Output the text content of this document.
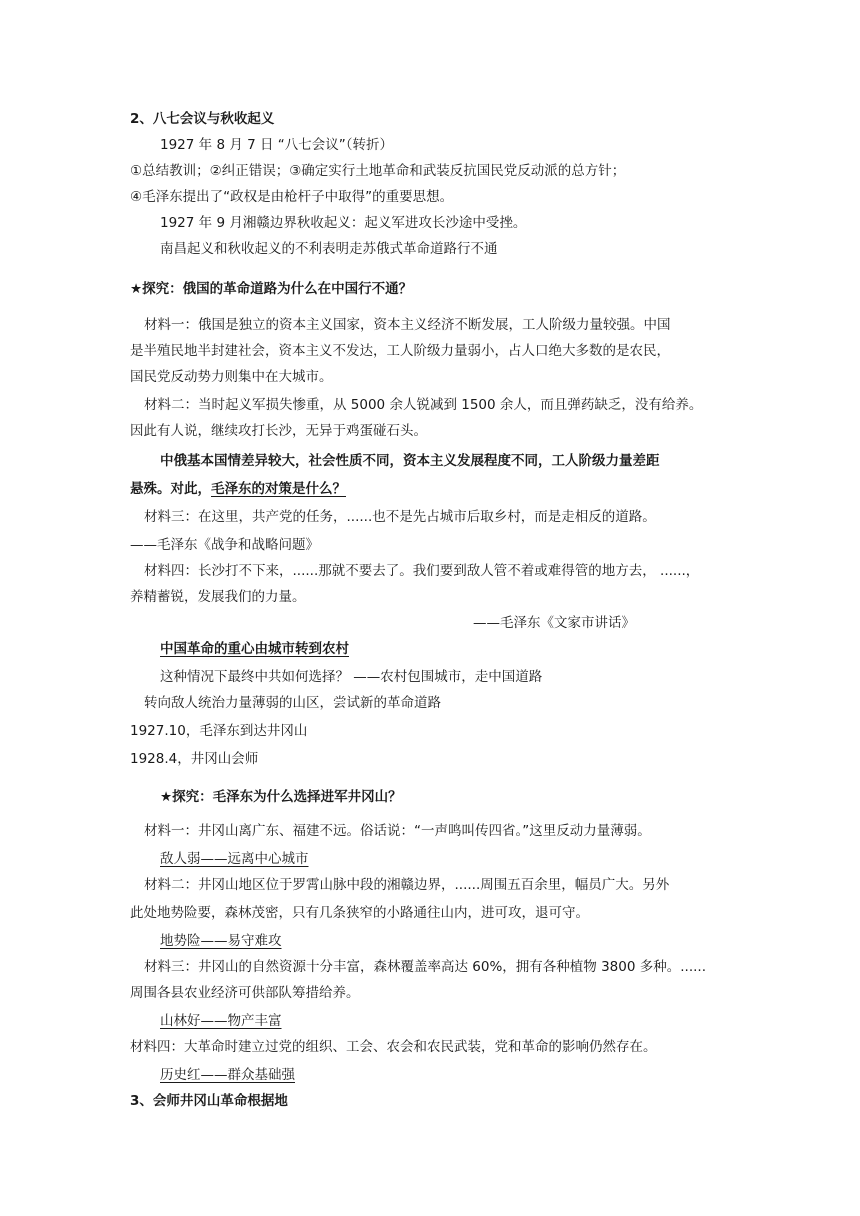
2、八七会议与秋收起义
1927 年 8 月 7 日 “八七会议”（转折）
①总结教训；②纠正错误；③确定实行土地革命和武装反抗国民党反动派的总方针；
④毛泽东提出了“政权是由枪杆子中取得”的重要思想。
1927 年 9 月湘赣边界秋收起义：起义军进攻长沙途中受挫。
南昌起义和秋收起义的不利表明走苏俄式革命道路行不通
★探究：俄国的革命道路为什么在中国行不通？
材料一：俄国是独立的资本主义国家，资本主义经济不断发展，工人阶级力量较强。中国
是半殖民地半封建社会，资本主义不发达，工人阶级力量弱小，占人口绝大多数的是农民，
国民党反动势力则集中在大城市。
材料二：当时起义军损失惨重，从 5000 余人锐减到 1500 余人，而且弹药缺乏，没有给养。
因此有人说，继续攻打长沙，无异于鸡蛋碰石头。
中俄基本国情差异较大，社会性质不同，资本主义发展程度不同，工人阶级力量差距
悬殊。对此，毛泽东的对策是什么？
材料三：在这里，共产党的任务，......也不是先占城市后取乡村，而是走相反的道路。
——毛泽东《战争和战略问题》
材料四：长沙打不下来，......那就不要去了。我们要到敌人管不着或难得管的地方去， ......，
养精蓄锐，发展我们的力量。
——毛泽东《文家市讲话》
中国革命的重心由城市转到农村
这种情况下最终中共如何选择？ ——农村包围城市，走中国道路
转向敌人统治力量薄弱的山区，尝试新的革命道路
1927.10，毛泽东到达井冈山
1928.4，井冈山会师
★探究：毛泽东为什么选择进军井冈山？
材料一：井冈山离广东、福建不远。俗话说：“一声鸣叫传四省。”这里反动力量薄弱。
敌人弱——远离中心城市
材料二：井冈山地区位于罗霄山脉中段的湘赣边界，......周围五百余里，幅员广大。另外
此处地势险要，森林茂密，只有几条狭窄的小路通往山内，进可攻，退可守。
地势险——易守难攻
材料三：井冈山的自然资源十分丰富，森林覆盖率高达 60%，拥有各种植物 3800 多种。......
周围各县农业经济可供部队筹措给养。
山林好——物产丰富
材料四：大革命时建立过党的组织、工会、农会和农民武装，党和革命的影响仍然存在。
历史红——群众基础强
3、会师井冈山革命根据地
